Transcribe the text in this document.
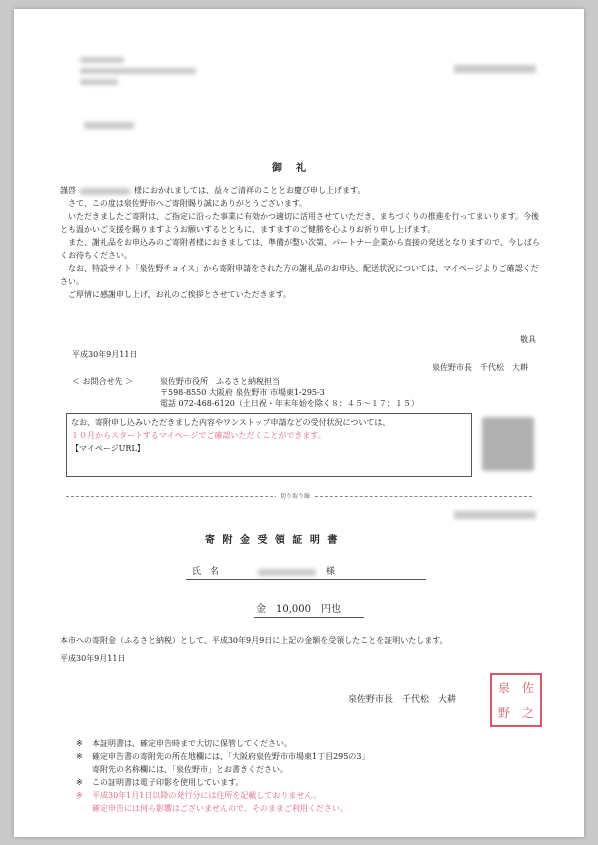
御　礼

謹啓	様におかれましては、益々ご清祥のこととお慶び申し上げます。

　さて、この度は泉佐野市へご寄附賜り誠にありがとうございます。

　いただきましたご寄附は、ご指定に沿った事業に有効かつ適切に活用させていただき、まちづくりの推進を行ってまいります。今後とも温かいご支援を賜りますようお願いするとともに、ますますのご健勝を心よりお祈り申し上げます。

　また、謝礼品をお申込みのご寄附者様におきましては、準備が整い次第、パートナー企業から直接の発送となりますので、今しばらくお待ちください。

　なお、特設サイト「泉佐野チョイス」から寄附申請をされた方の謝礼品のお申込、配送状況については、マイページよりご確認ください。

　ご厚情に感謝申し上げ、お礼のご挨拶とさせていただきます。

敬具
平成30年9月11日
泉佐野市長　千代松　大耕
＜ お問合せ先 ＞	泉佐野市役所　ふるさと納税担当
〒598-8550 大阪府 泉佐野市 市場東1-295-3
電話 072-468-6120（土日祝・年末年始を除く８：４５～１７：１５）
なお、寄附申し込みいただきました内容やワンストップ申請などの受付状況については、
１０月からスタートするマイページでご確認いただくことができます。
【マイページURL】
切り取り線
寄 附 金 受 領 証 明 書
氏　名	様
金　10,000　円也
本市への寄附金（ふるさと納税）として、平成30年9月9日に上記の金額を受領したことを証明いたします。
平成30年9月11日
泉佐野市長　千代松　大耕
泉 佐
野 之
※ 本証明書は、確定申告時まで大切に保管してください。
※ 確定申告書の寄附先の所在地欄には、「大阪府泉佐野市市場東1丁目295の3」
寄附先の名称欄には、「泉佐野市」とお書きください。
※ この証明書は電子印影を使用しています。
※ 平成30年1月1日以降の発行分には住所を記載しておりません。
確定申告には何ら影響はございませんので、そのままご利用ください。
